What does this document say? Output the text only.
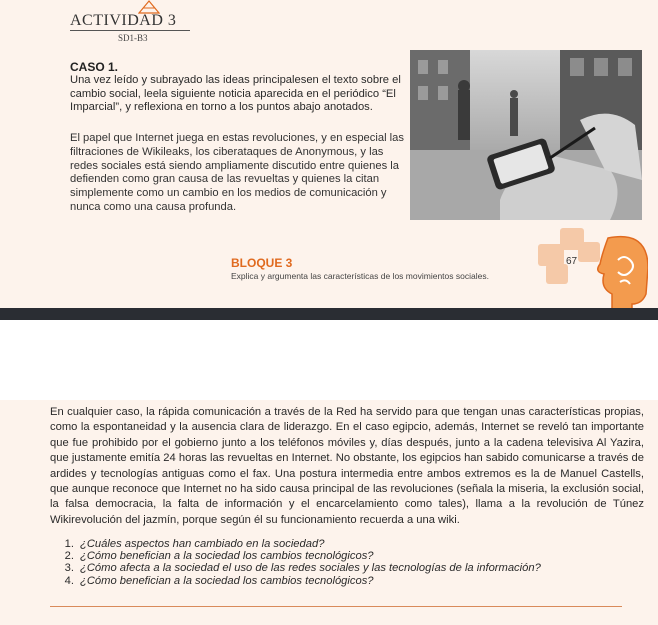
ACTIVIDAD 3
SD1-B3
CASO 1.
Una vez leído y subrayado las ideas principalesen el texto sobre el cambio social, leela siguiente noticia aparecida en el periódico “El Imparcial”, y reflexiona en torno a los puntos abajo anotados.
El papel que Internet juega en estas revoluciones, y en especial las filtraciones de Wikileaks, los ciberataques de Anonymous, y las redes sociales está siendo ampliamente discutido entre quienes la defienden como gran causa de las revueltas y quienes la citan simplemente como un cambio en los medios de comunicación y nunca como una causa profunda.
BLOQUE 3
Explica y argumenta las características de los movimientos sociales.
67
En cualquier caso, la rápida comunicación a través de la Red ha servido para que tengan unas características propias, como la espontaneidad y la ausencia clara de liderazgo. En el caso egipcio, además, Internet se reveló tan importante que fue prohibido por el gobierno junto a los teléfonos móviles y, días después, junto a la cadena televisiva Al Yazira, que justamente emitía 24 horas las revueltas en Internet. No obstante, los egipcios han sabido comunicarse a través de ardides y tecnologías antiguas como el fax. Una postura intermedia entre ambos extremos es la de Manuel Castells, que aunque reconoce que Internet no ha sido causa principal de las revoluciones (señala la miseria, la exclusión social, la falsa democracia, la falta de información y el encarcelamiento como tales), llama a la revolución de Túnez Wikirevolución del jazmín, porque según él su funcionamiento recuerda a una wiki.
1. ¿Cuáles aspectos han cambiado en la sociedad?
2. ¿Cómo benefician a la sociedad los cambios tecnológicos?
3. ¿Cómo afecta a la sociedad el uso de las redes sociales y las tecnologías de la información?
4. ¿Cómo benefician a la sociedad los cambios tecnológicos?
